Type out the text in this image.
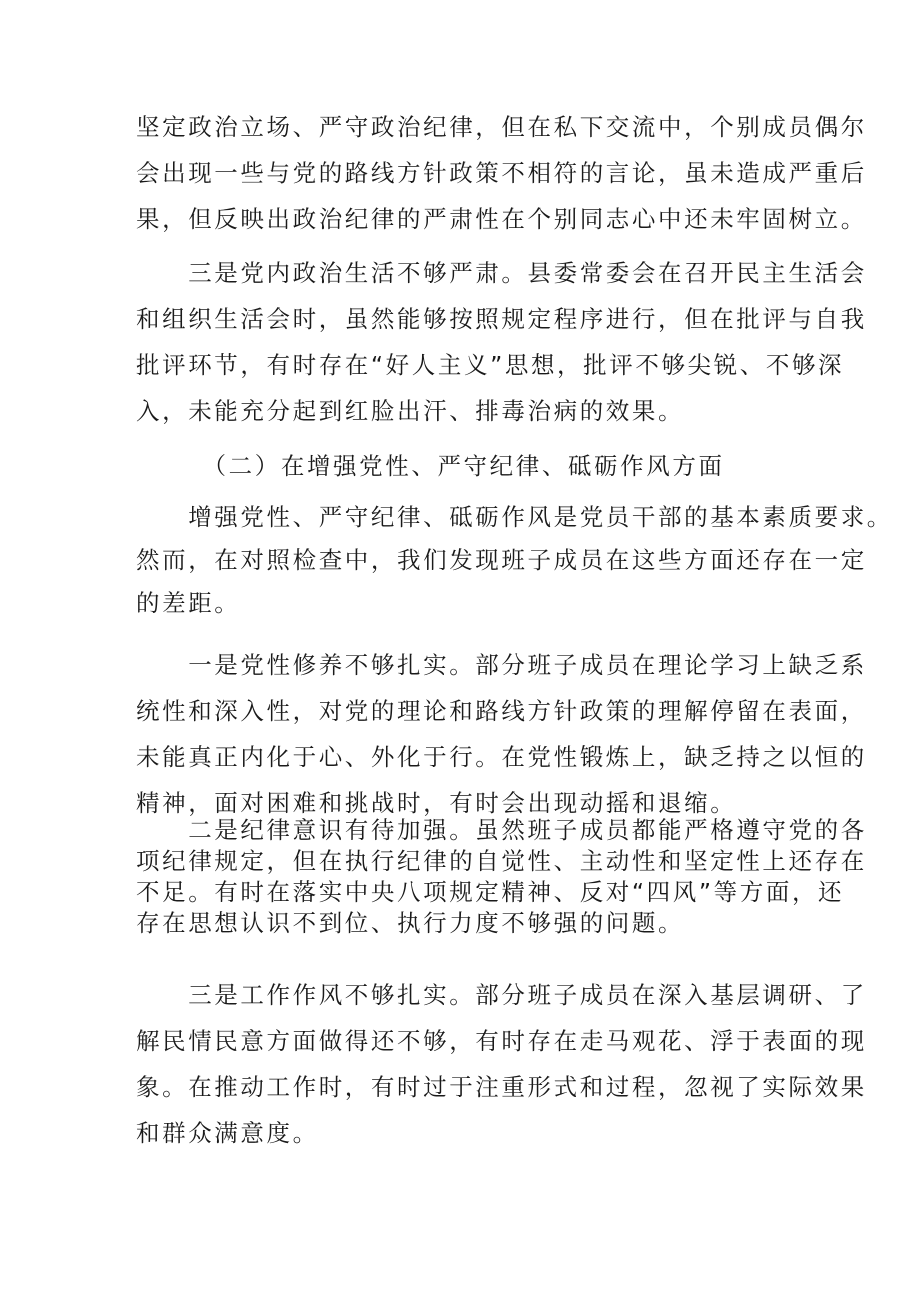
坚定政治立场、严守政治纪律，但在私下交流中，个别成员偶尔
会出现一些与党的路线方针政策不相符的言论，虽未造成严重后
果，但反映出政治纪律的严肃性在个别同志心中还未牢固树立。
　　三是党内政治生活不够严肃。县委常委会在召开民主生活会
和组织生活会时，虽然能够按照规定程序进行，但在批评与自我
批评环节，有时存在“好人主义”思想，批评不够尖锐、不够深
入，未能充分起到红脸出汗、排毒治病的效果。
　　　（二）在增强党性、严守纪律、砥砺作风方面
　　增强党性、严守纪律、砥砺作风是党员干部的基本素质要求。
然而，在对照检查中，我们发现班子成员在这些方面还存在一定
的差距。
　　一是党性修养不够扎实。部分班子成员在理论学习上缺乏系
统性和深入性，对党的理论和路线方针政策的理解停留在表面，
未能真正内化于心、外化于行。在党性锻炼上，缺乏持之以恒的
精神，面对困难和挑战时，有时会出现动摇和退缩。
　　二是纪律意识有待加强。虽然班子成员都能严格遵守党的各
项纪律规定，但在执行纪律的自觉性、主动性和坚定性上还存在
不足。有时在落实中央八项规定精神、反对“四风”等方面，还
存在思想认识不到位、执行力度不够强的问题。
　　三是工作作风不够扎实。部分班子成员在深入基层调研、了
解民情民意方面做得还不够，有时存在走马观花、浮于表面的现
象。在推动工作时，有时过于注重形式和过程，忽视了实际效果
和群众满意度。
